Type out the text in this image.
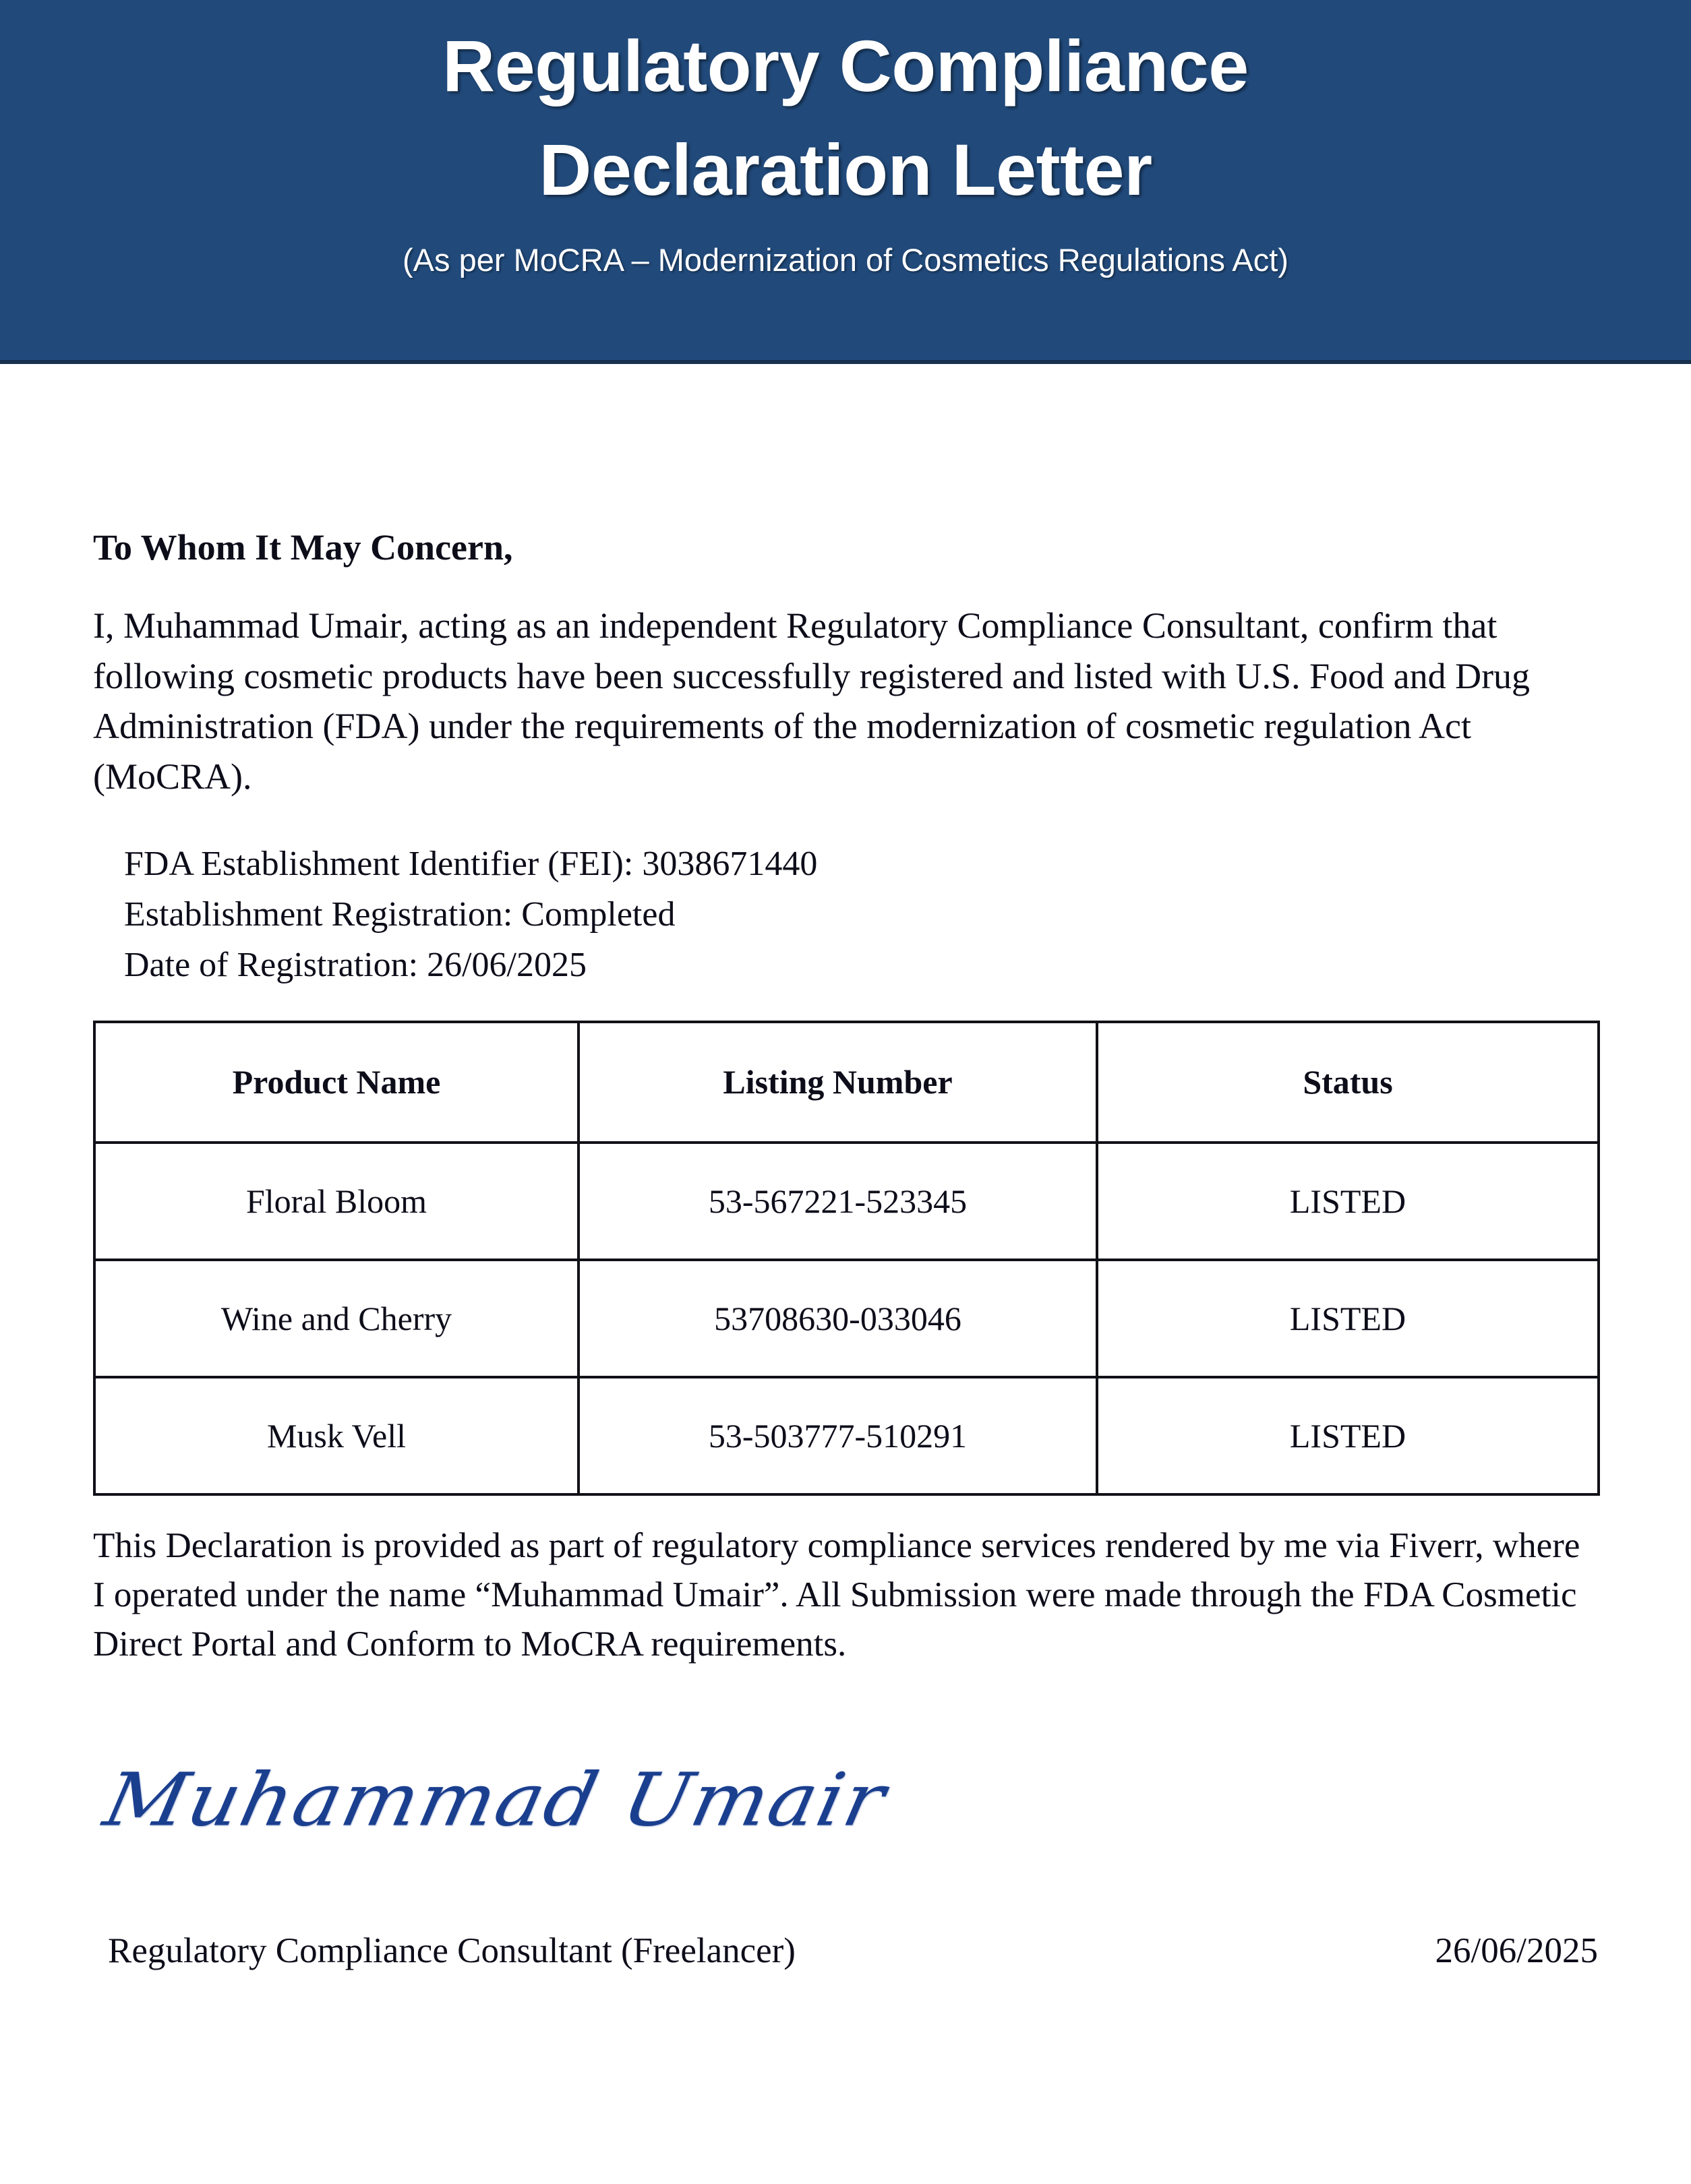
Regulatory Compliance
Declaration Letter
(As per MoCRA – Modernization of Cosmetics Regulations Act)
To Whom It May Concern,
I, Muhammad Umair, acting as an independent Regulatory Compliance Consultant, confirm that following cosmetic products have been successfully registered and listed with U.S. Food and Drug Administration (FDA) under the requirements of the modernization of cosmetic regulation Act (MoCRA).
FDA Establishment Identifier (FEI): 3038671440
Establishment Registration: Completed
Date of Registration: 26/06/2025
Product Name	Listing Number	Status
Floral Bloom	53-567221-523345	LISTED
Wine and Cherry	53708630-033046	LISTED
Musk Vell	53-503777-510291	LISTED
This Declaration is provided as part of regulatory compliance services rendered by me via Fiverr, where I operated under the name “Muhammad Umair”. All Submission were made through the FDA Cosmetic Direct Portal and Conform to MoCRA requirements.
Muhammad Umair
Regulatory Compliance Consultant (Freelancer)	26/06/2025
